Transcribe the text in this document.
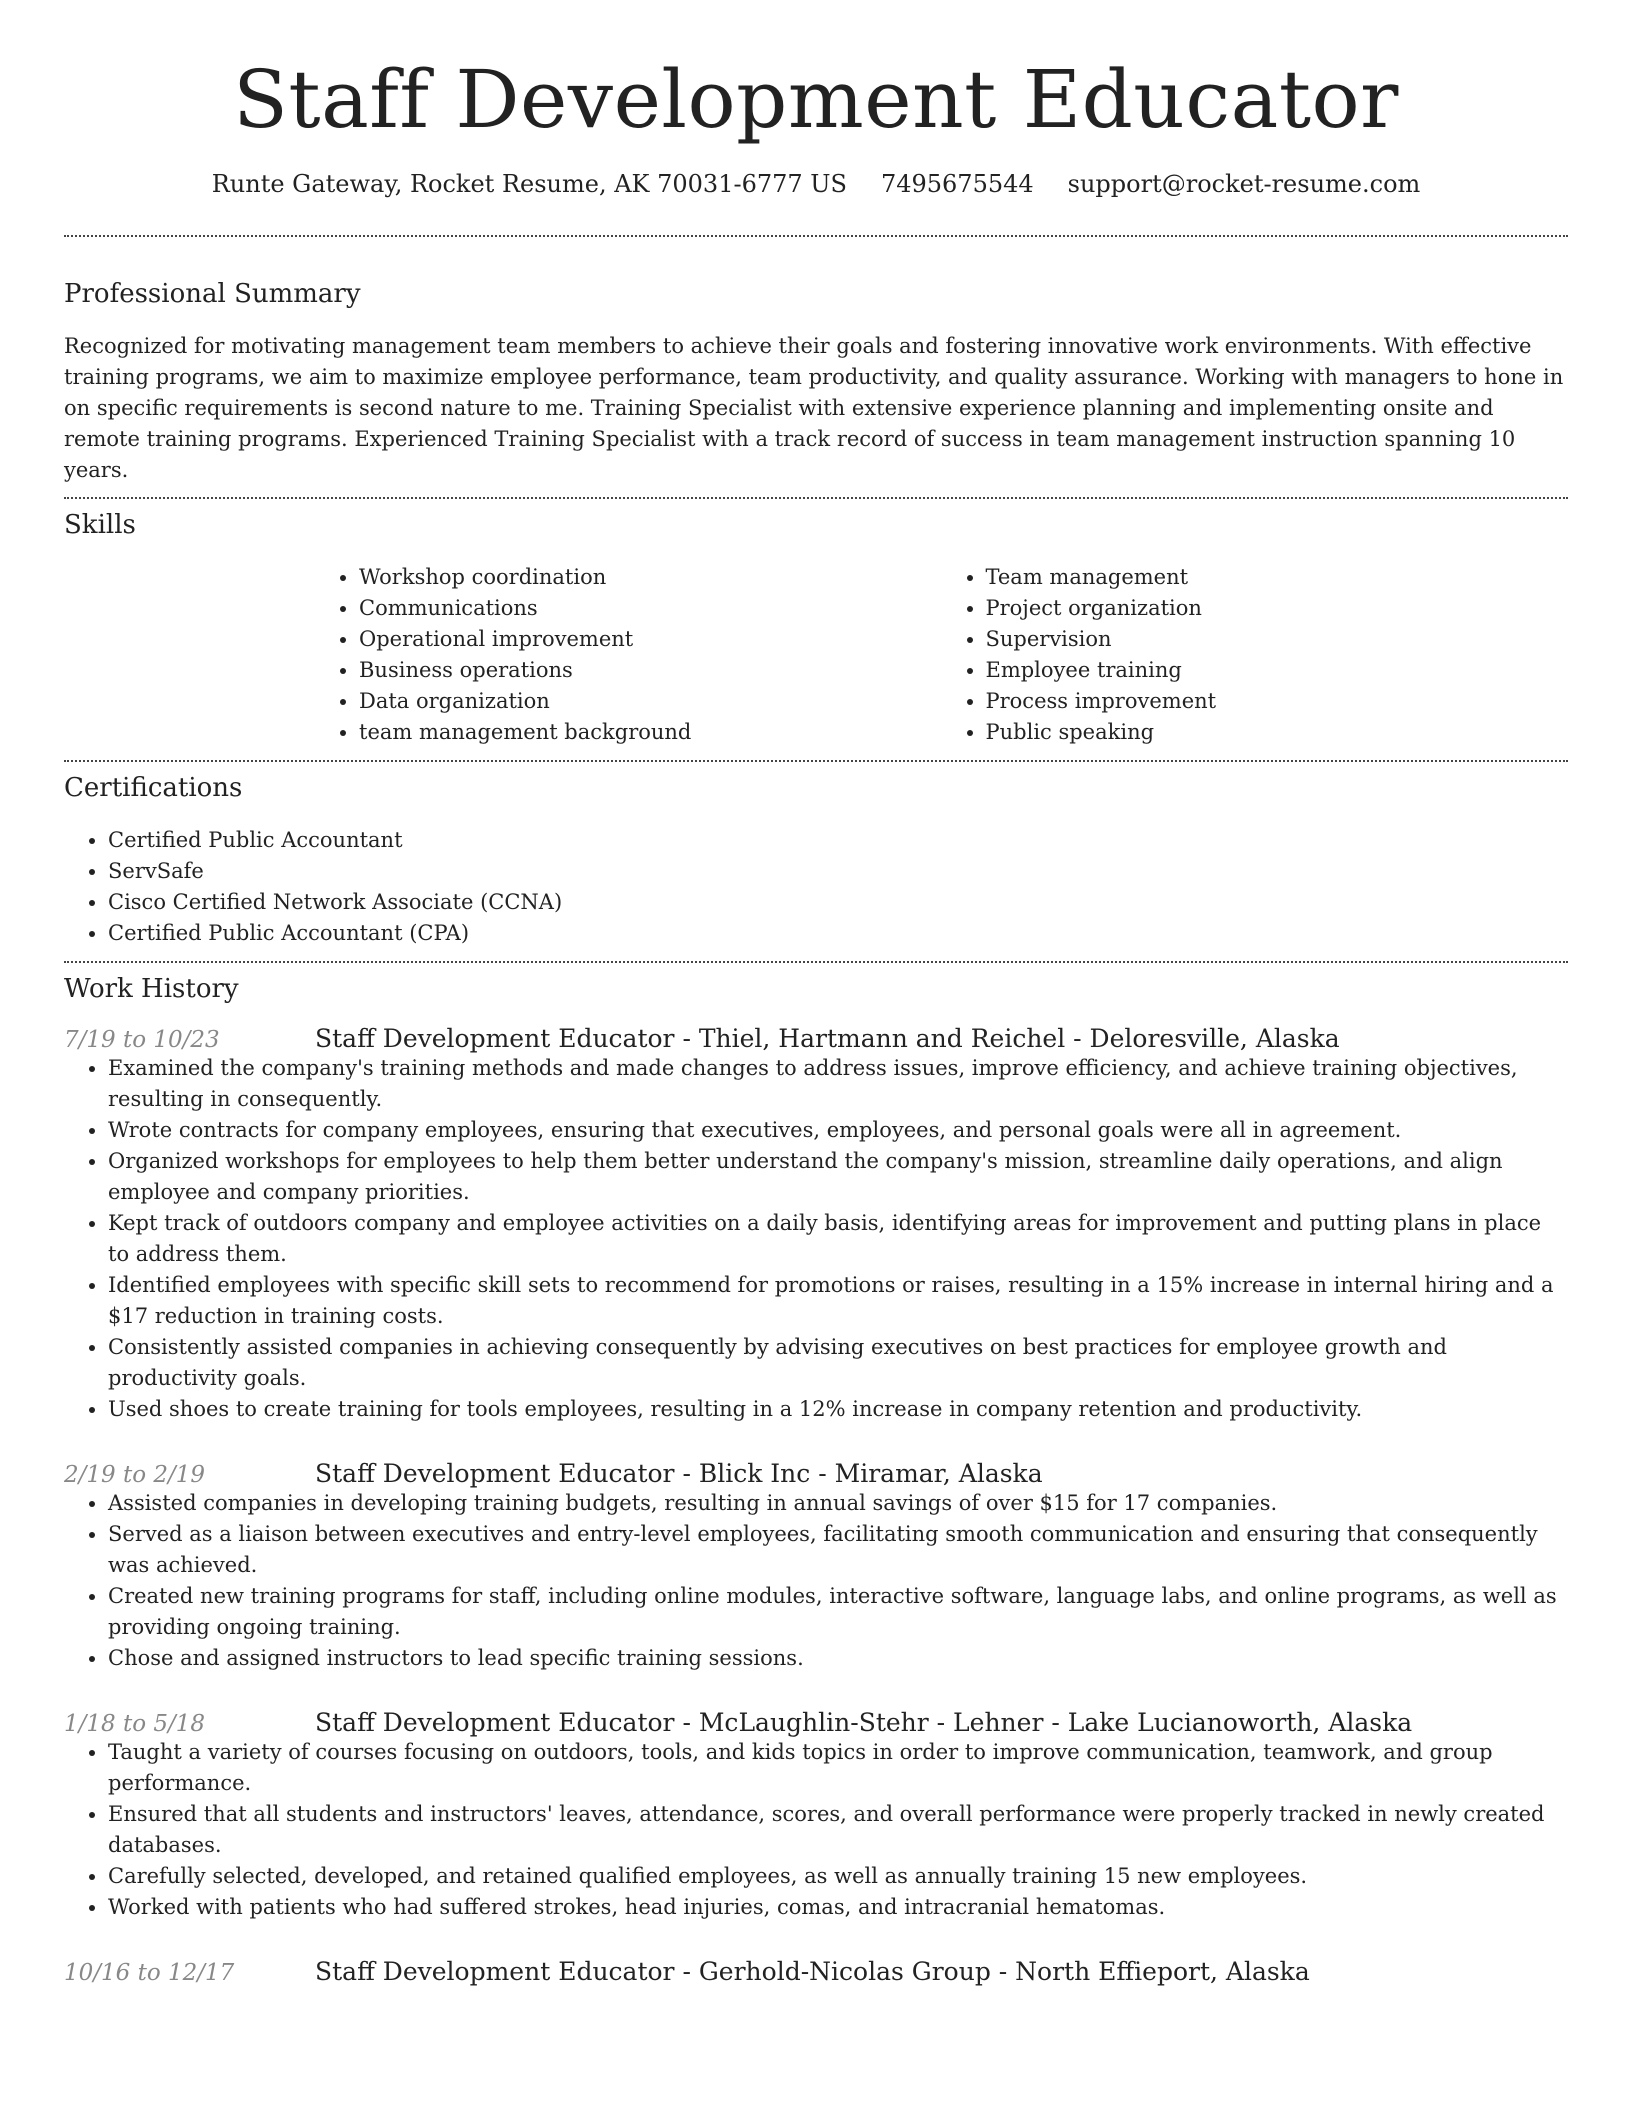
Staff Development Educator
Runte Gateway, Rocket Resume, AK 70031-6777 US 7495675544 support@rocket-resume.com
Professional Summary

Recognized for motivating management team members to achieve their goals and fostering innovative work environments. With effective training programs, we aim to maximize employee performance, team productivity, and quality assurance. Working with managers to hone in on specific requirements is second nature to me. Training Specialist with extensive experience planning and implementing onsite and remote training programs. Experienced Training Specialist with a track record of success in team management instruction spanning 10 years.

Skills
• Workshop coordination
• Communications
• Operational improvement
• Business operations
• Data organization
• team management background
• Team management
• Project organization
• Supervision
• Employee training
• Process improvement
• Public speaking
Certifications
• Certified Public Accountant
• ServSafe
• Cisco Certified Network Associate (CCNA)
• Certified Public Accountant (CPA)
Work History
7/19 to 10/23	Staff Development Educator - Thiel, Hartmann and Reichel - Deloresville, Alaska
• Examined the company's training methods and made changes to address issues, improve efficiency, and achieve training objectives, resulting in consequently.
• Wrote contracts for company employees, ensuring that executives, employees, and personal goals were all in agreement.
• Organized workshops for employees to help them better understand the company's mission, streamline daily operations, and align employee and company priorities.
• Kept track of outdoors company and employee activities on a daily basis, identifying areas for improvement and putting plans in place to address them.
• Identified employees with specific skill sets to recommend for promotions or raises, resulting in a 15% increase in internal hiring and a $17 reduction in training costs.
• Consistently assisted companies in achieving consequently by advising executives on best practices for employee growth and productivity goals.
• Used shoes to create training for tools employees, resulting in a 12% increase in company retention and productivity.
2/19 to 2/19	Staff Development Educator - Blick Inc - Miramar, Alaska
• Assisted companies in developing training budgets, resulting in annual savings of over $15 for 17 companies.
• Served as a liaison between executives and entry-level employees, facilitating smooth communication and ensuring that consequently was achieved.
• Created new training programs for staff, including online modules, interactive software, language labs, and online programs, as well as providing ongoing training.
• Chose and assigned instructors to lead specific training sessions.
1/18 to 5/18	Staff Development Educator - McLaughlin-Stehr - Lehner - Lake Lucianoworth, Alaska
• Taught a variety of courses focusing on outdoors, tools, and kids topics in order to improve communication, teamwork, and group performance.
• Ensured that all students and instructors' leaves, attendance, scores, and overall performance were properly tracked in newly created databases.
• Carefully selected, developed, and retained qualified employees, as well as annually training 15 new employees.
• Worked with patients who had suffered strokes, head injuries, comas, and intracranial hematomas.
10/16 to 12/17	Staff Development Educator - Gerhold-Nicolas Group - North Effieport, Alaska
